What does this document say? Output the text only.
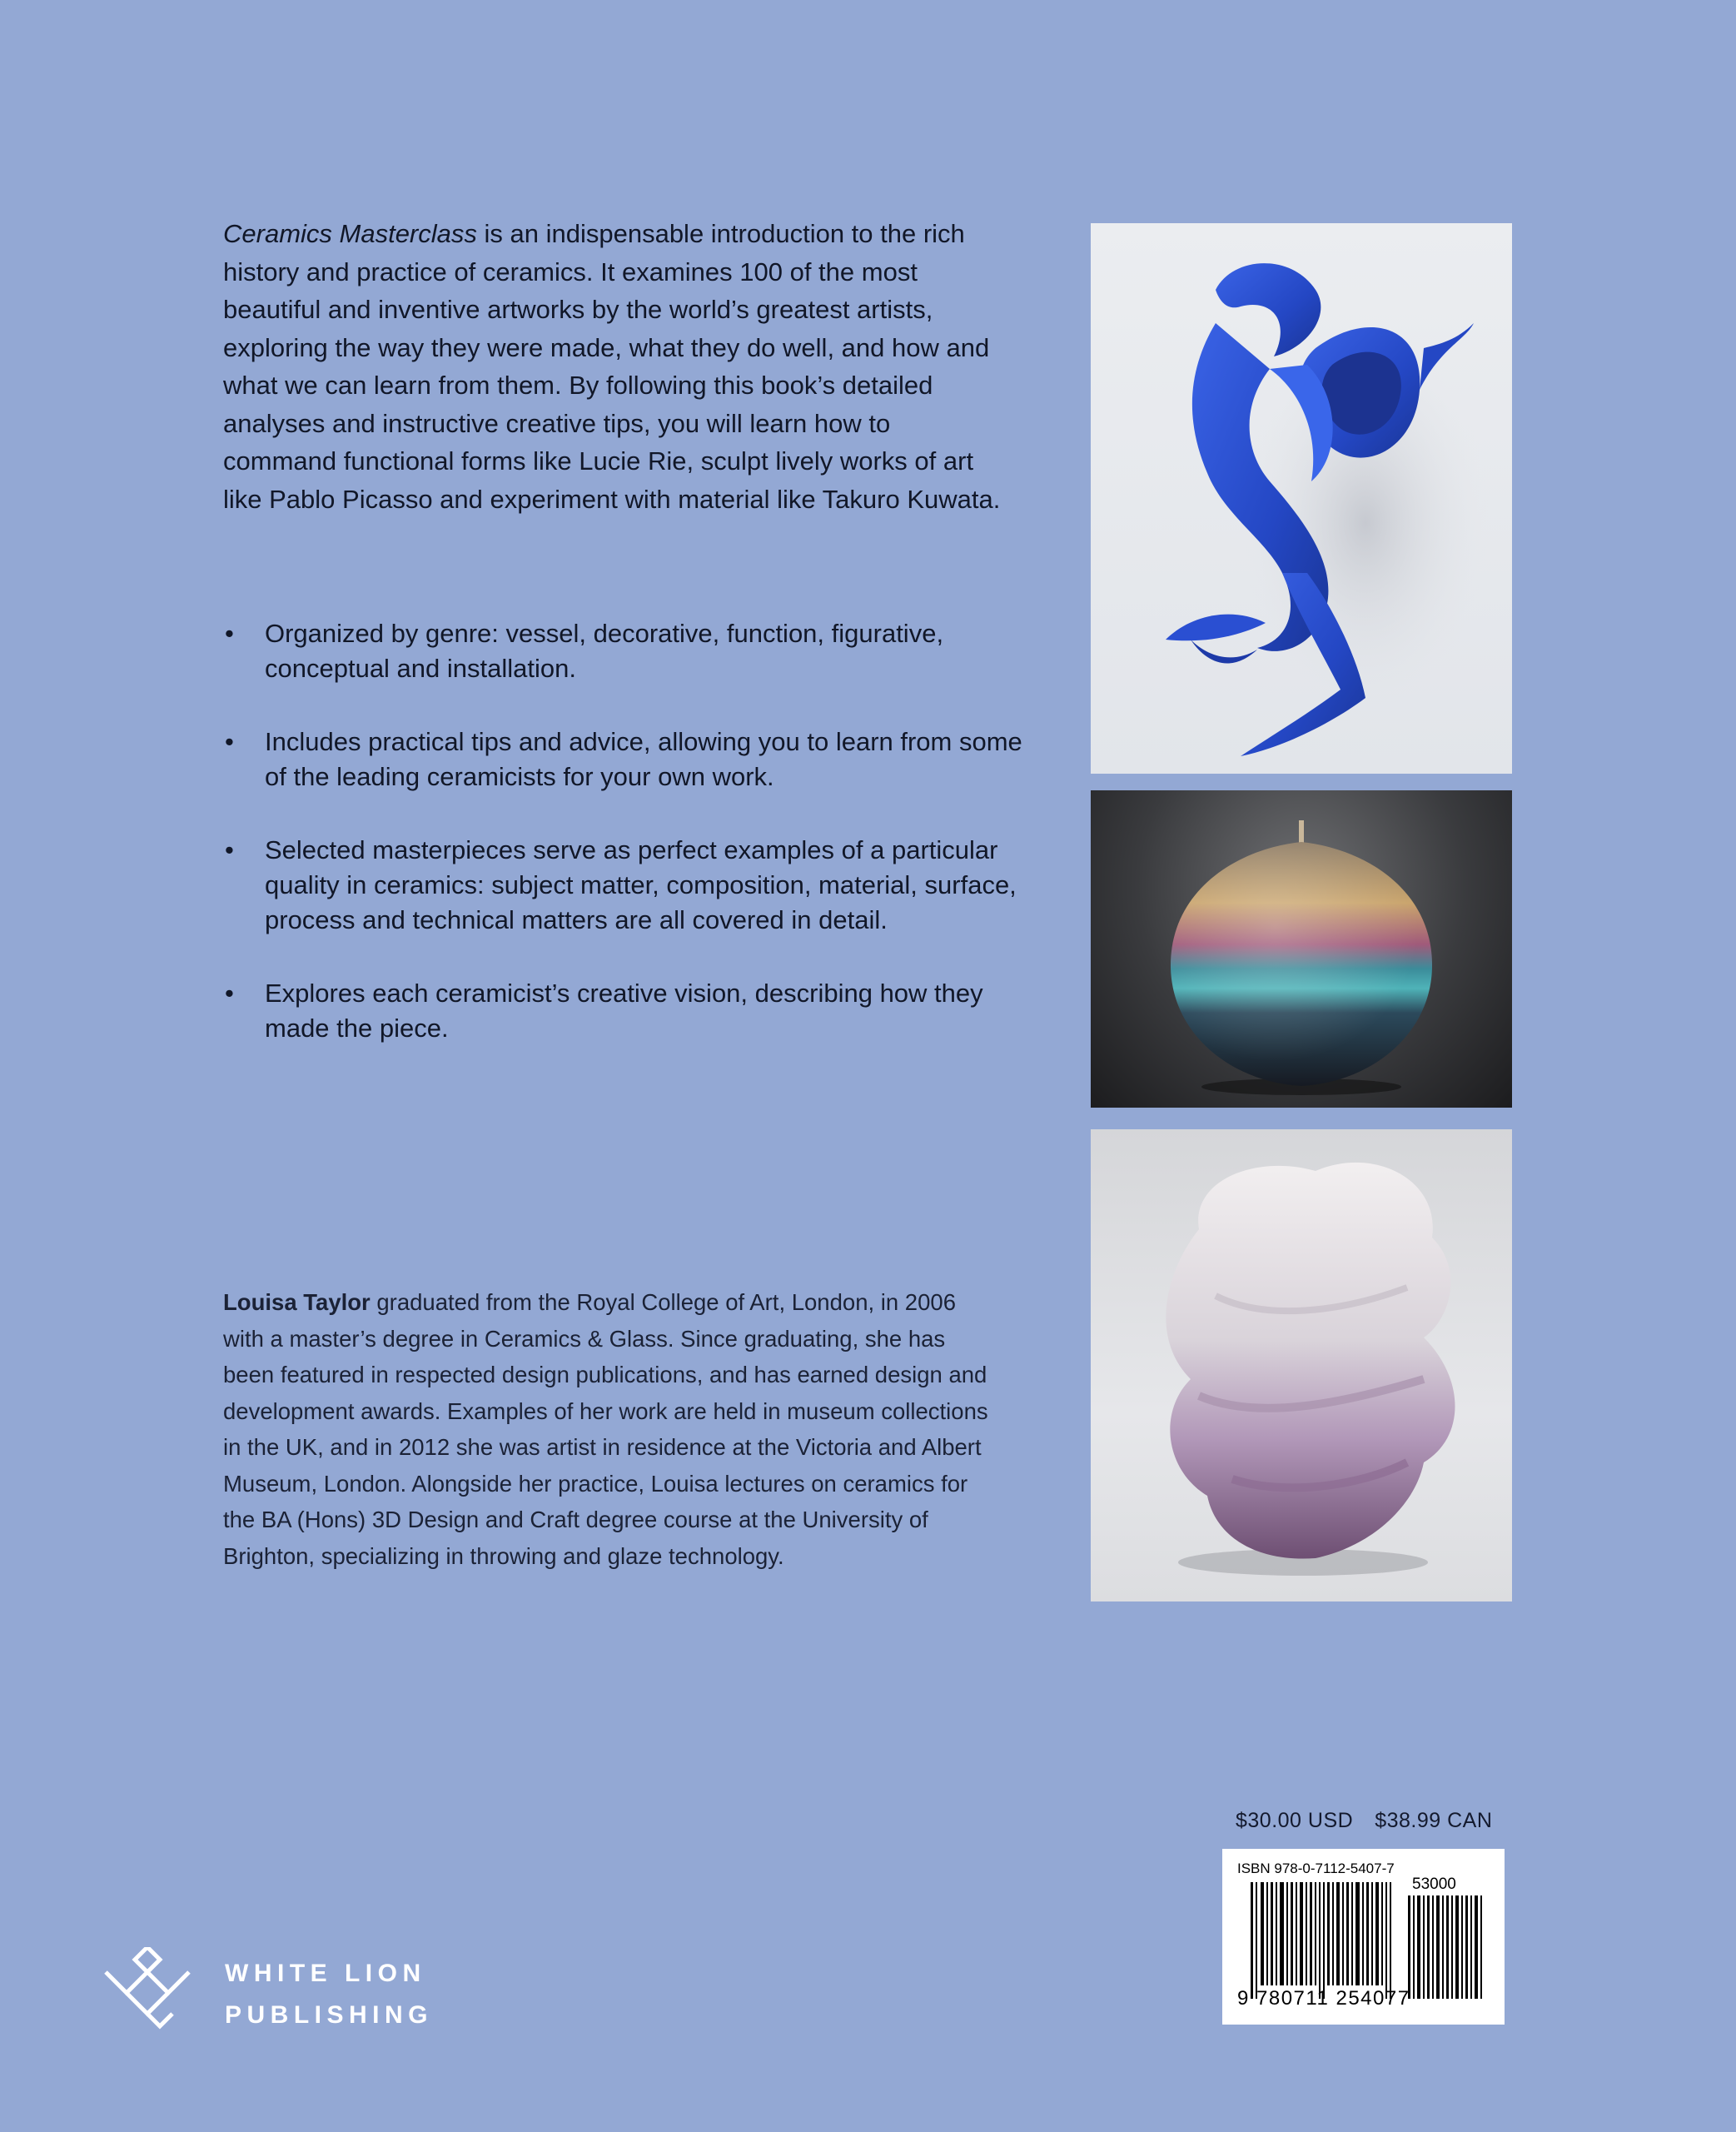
Ceramics Masterclass is an indispensable introduction to the rich history and practice of ceramics. It examines 100 of the most beautiful and inventive artworks by the world’s greatest artists, exploring the way they were made, what they do well, and how and what we can learn from them. By following this book’s detailed analyses and instructive creative tips, you will learn how to command functional forms like Lucie Rie, sculpt lively works of art like Pablo Picasso and experiment with material like Takuro Kuwata.

• Organized by genre: vessel, decorative, function, figurative, conceptual and installation.
• Includes practical tips and advice, allowing you to learn from some of the leading ceramicists for your own work.
• Selected masterpieces serve as perfect examples of a particular quality in ceramics: subject matter, composition, material, surface, process and technical matters are all covered in detail.
• Explores each ceramicist’s creative vision, describing how they made the piece.

Louisa Taylor graduated from the Royal College of Art, London, in 2006 with a master’s degree in Ceramics & Glass. Since graduating, she has been featured in respected design publications, and has earned design and development awards. Examples of her work are held in museum collections in the UK, and in 2012 she was artist in residence at the Victoria and Albert Museum, London. Alongside her practice, Louisa lectures on ceramics for the BA (Hons) 3D Design and Craft degree course at the University of Brighton, specializing in throwing and glaze technology.

$30.00 USD $38.99 CAN
ISBN 978-0-7112-5407-7
53000
9 780711 254077
WHITE LION
PUBLISHING
